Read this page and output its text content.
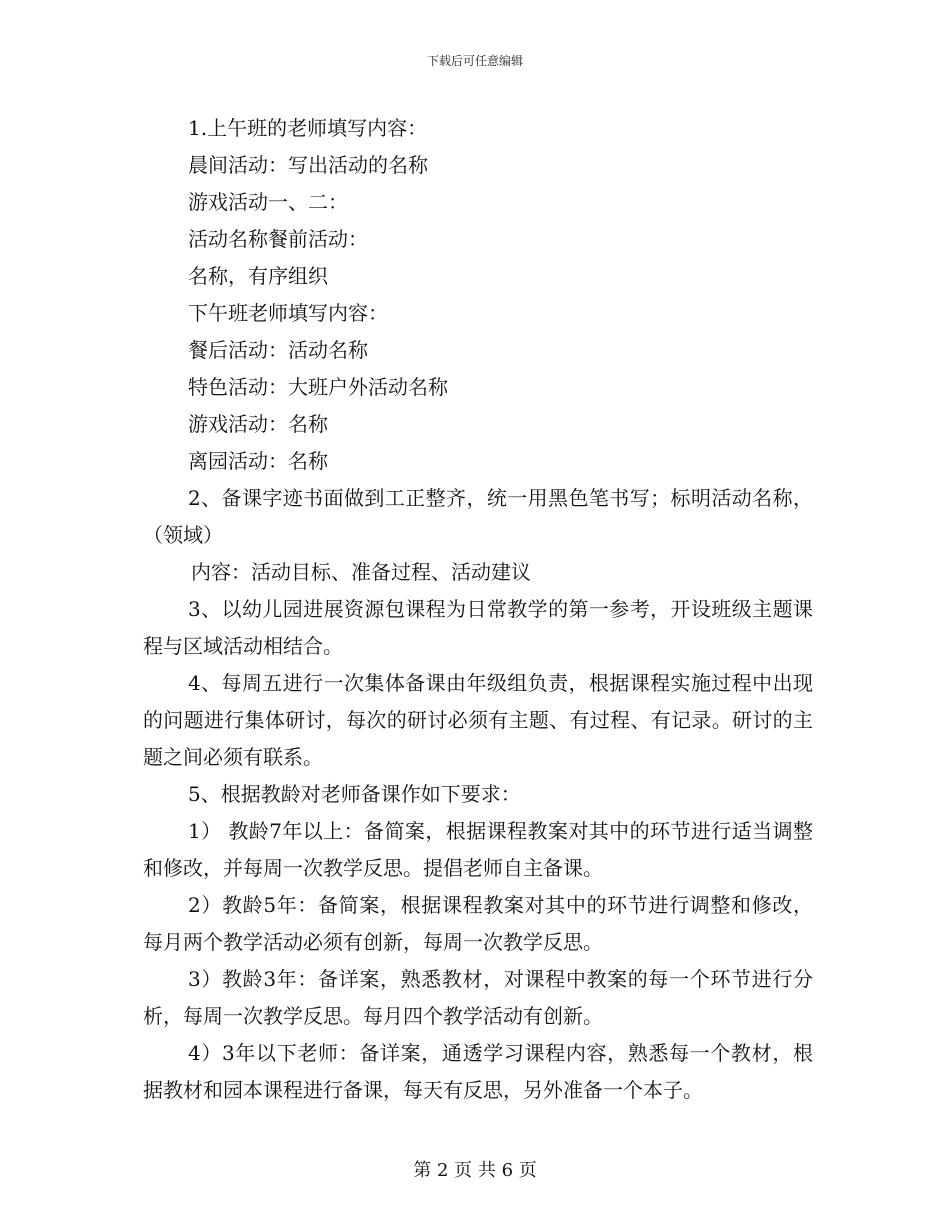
下载后可任意编辑
1.上午班的老师填写内容：
晨间活动：写出活动的名称
游戏活动一、二：
活动名称餐前活动：
名称，有序组织
下午班老师填写内容：
餐后活动：活动名称
特色活动：大班户外活动名称
游戏活动：名称
离园活动：名称
2、备课字迹书面做到工正整齐，统一用黑色笔书写；标明活动名称，（领域）
内容：活动目标、准备过程、活动建议
3、以幼儿园进展资源包课程为日常教学的第一参考，开设班级主题课程与区域活动相结合。
4、每周五进行一次集体备课由年级组负责，根据课程实施过程中出现的问题进行集体研讨，每次的研讨必须有主题、有过程、有记录。研讨的主题之间必须有联系。
5、根据教龄对老师备课作如下要求：
1） 教龄7年以上：备简案，根据课程教案对其中的环节进行适当调整和修改，并每周一次教学反思。提倡老师自主备课。
2）教龄5年：备简案，根据课程教案对其中的环节进行调整和修改，每月两个教学活动必须有创新，每周一次教学反思。
3）教龄3年：备详案，熟悉教材，对课程中教案的每一个环节进行分析，每周一次教学反思。每月四个教学活动有创新。
4）3年以下老师：备详案，通透学习课程内容，熟悉每一个教材，根据教材和园本课程进行备课，每天有反思，另外准备一个本子。
第 2 页 共 6 页
